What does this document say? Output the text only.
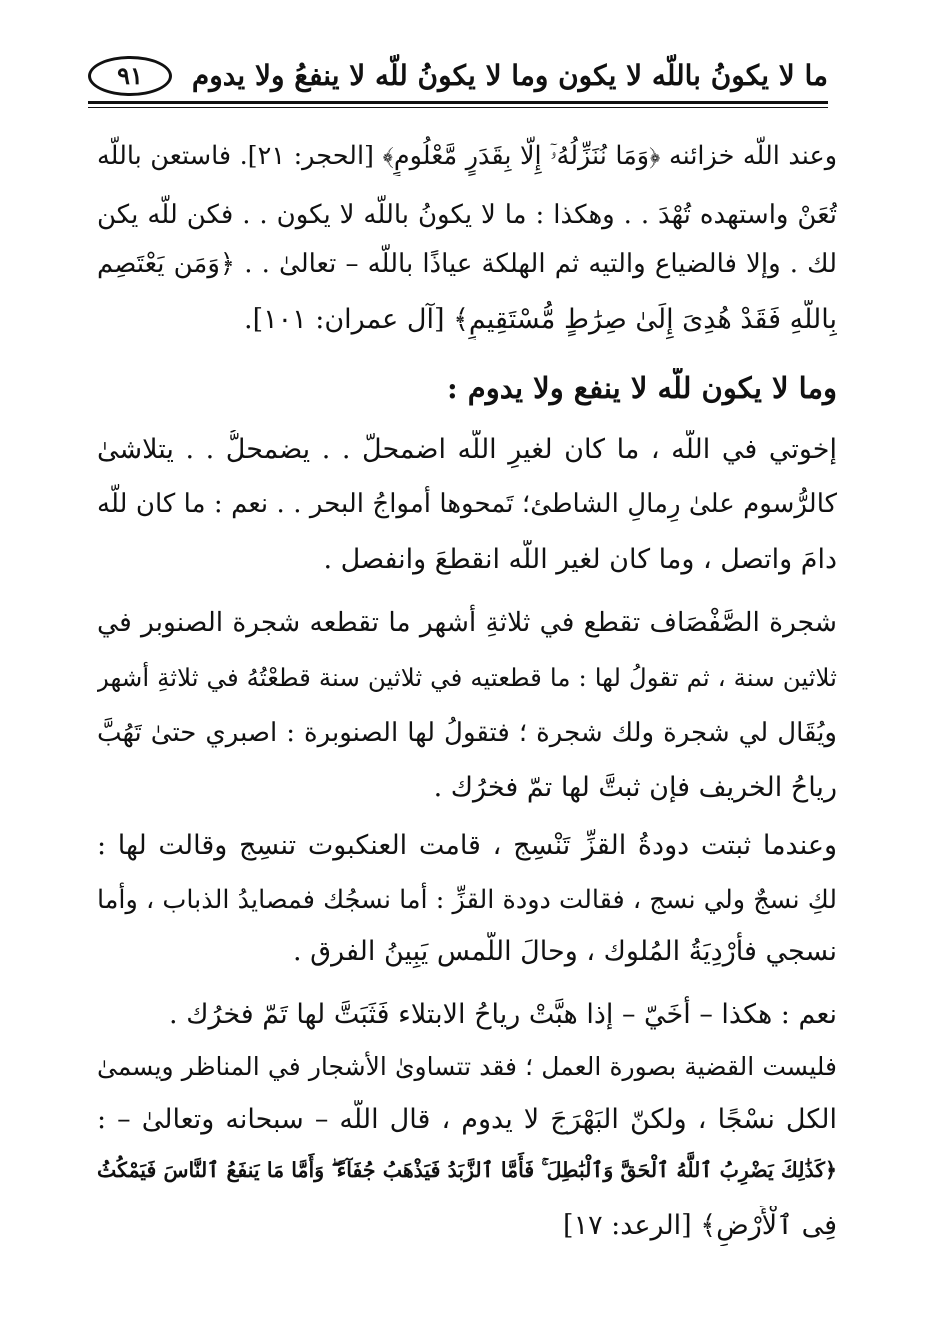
ما لا يكونُ باللّه لا يكون وما لا يكونُ للّه لا ينفعُ ولا يدوم
٩١
وعند اللّه خزائنه ﴿وَمَا نُنَزِّلُهُۥٓ إِلَّا بِقَدَرٍ مَّعْلُومٍ﴾ [الحجر: ٢١]. فاستعن باللّه
تُعَنْ واستهده تُهْدَ . . وهكذا : ما لا يكونُ باللّه لا يكون . . فكن للّه يكن
لك . وإلا فالضياع والتيه ثم الهلكة عياذًا باللّه – تعالىٰ . . ﴿وَمَن يَعْتَصِم
بِاللَّهِ فَقَدْ هُدِىَ إِلَىٰ صِرَٰطٍ مُّسْتَقِيمٍ﴾ [آل عمران: ١٠١].
وما لا يكون للّه لا ينفع ولا يدوم :
إخوتي في اللّه ، ما كان لغيرِ اللّه اضمحلّ . . يضمحلُّ . . يتلاشىٰ
كالرُّسوم علىٰ رِمالِ الشاطئ؛ تَمحوها أمواجُ البحر . . نعم : ما كان للّه
دامَ واتصل ، وما كان لغير اللّه انقطعَ وانفصل .
شجرة الصَّفْصَاف تقطع في ثلاثةِ أشهر ما تقطعه شجرة الصنوبر في
ثلاثين سنة ، ثم تقولُ لها : ما قطعتيه في ثلاثين سنة قطعْتُهُ في ثلاثةِ أشهر
ويُقَال لي شجرة ولك شجرة ؛ فتقولُ لها الصنوبرة : اصبري حتىٰ تَهُبَّ
رياحُ الخريف فإن ثبتَّ لها تمّ فخرُك .
وعندما ثبتت دودةُ القزِّ تَنْسِج ، قامت العنكبوت تنسِج وقالت لها :
لكِ نسجٌ ولي نسج ، فقالت دودة القزِّ : أما نسجُك فمصايدُ الذباب ، وأما
نسجي فأرْدِيَةُ المُلوك ، وحالَ اللَّمس يَبِينُ الفرق .
نعم : هكذا – أُخَيّ – إذا هبَّتْ رياحُ الابتلاء فَثَبَتَّ لها تَمّ فخرُك .
فليست القضية بصورة العمل ؛ فقد تتساوىٰ الأشجار في المناظر ويسمىٰ
الكل نسْجًا ، ولكنّ البَهْرَجَ لا يدوم ، قال اللّه – سبحانه وتعالىٰ – :
﴿كَذَٰلِكَ يَضْرِبُ ٱللَّهُ ٱلْحَقَّ وَٱلْبَٰطِلَ ۚ فَأَمَّا ٱلزَّبَدُ فَيَذْهَبُ جُفَآءً ۖ وَأَمَّا مَا يَنفَعُ ٱلنَّاسَ فَيَمْكُثُ
فِى ٱلْأَرْضِ﴾ [الرعد: ١٧]
